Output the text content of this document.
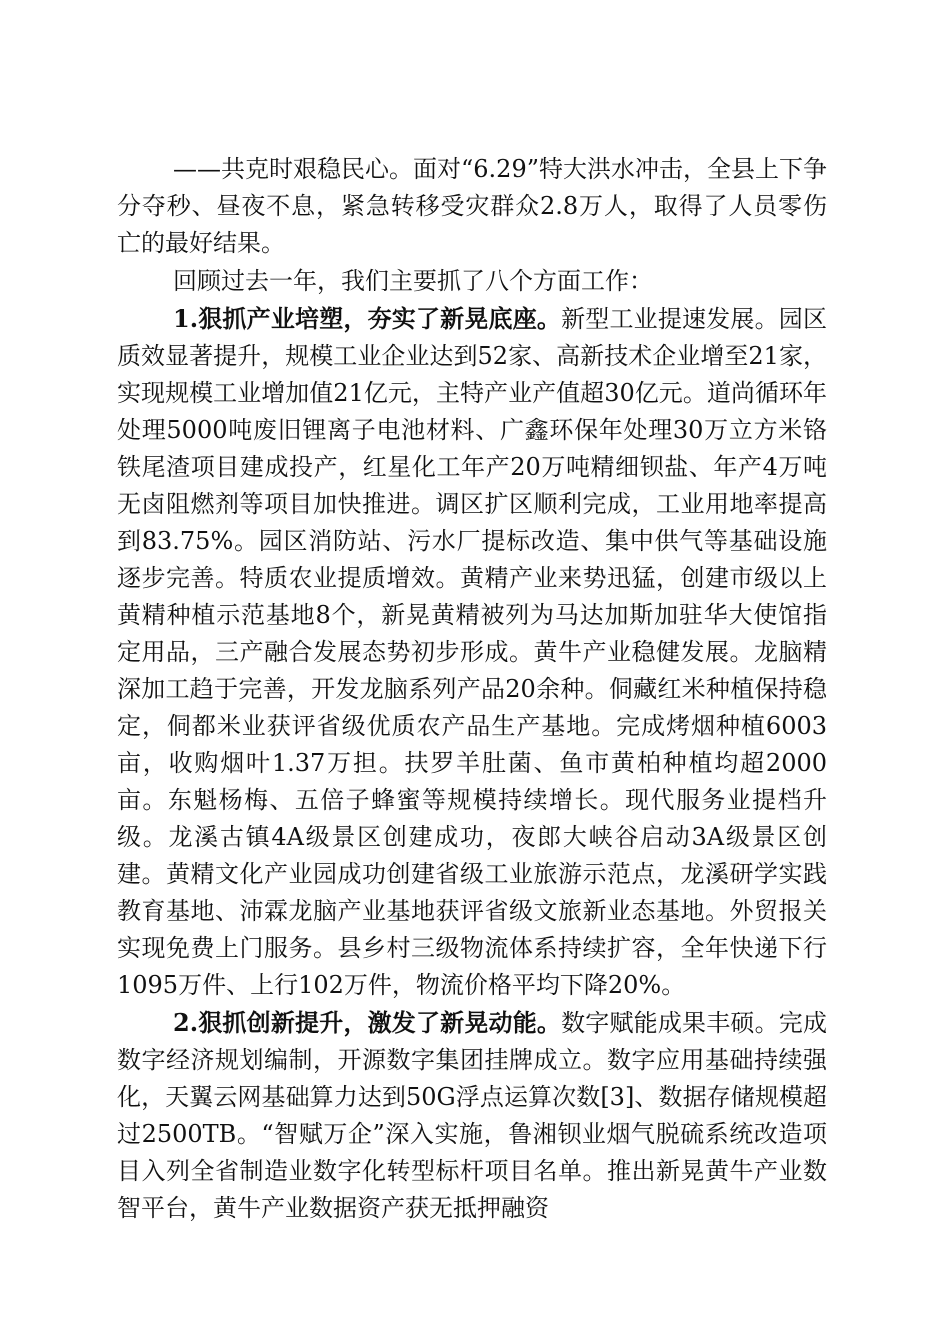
——共克时艰稳民心。面对“6.29”特大洪水冲击，全县上下争分夺秒、昼夜不息，紧急转移受灾群众2.8万人，取得了人员零伤亡的最好结果。

回顾过去一年，我们主要抓了八个方面工作：

1.狠抓产业培塑，夯实了新晃底座。新型工业提速发展。园区质效显著提升，规模工业企业达到52家、高新技术企业增至21家，实现规模工业增加值21亿元，主特产业产值超30亿元。道尚循环年处理5000吨废旧锂离子电池材料、广鑫环保年处理30万立方米铬铁尾渣项目建成投产，红星化工年产20万吨精细钡盐、年产4万吨无卤阻燃剂等项目加快推进。调区扩区顺利完成，工业用地率提高到83.75%。园区消防站、污水厂提标改造、集中供气等基础设施逐步完善。特质农业提质增效。黄精产业来势迅猛，创建市级以上黄精种植示范基地8个，新晃黄精被列为马达加斯加驻华大使馆指定用品，三产融合发展态势初步形成。黄牛产业稳健发展。龙脑精深加工趋于完善，开发龙脑系列产品20余种。侗藏红米种植保持稳定，侗都米业获评省级优质农产品生产基地。完成烤烟种植6003亩，收购烟叶1.37万担。扶罗羊肚菌、鱼市黄柏种植均超2000亩。东魁杨梅、五倍子蜂蜜等规模持续增长。现代服务业提档升级。龙溪古镇4A级景区创建成功，夜郎大峡谷启动3A级景区创建。黄精文化产业园成功创建省级工业旅游示范点，龙溪研学实践教育基地、沛霖龙脑产业基地获评省级文旅新业态基地。外贸报关实现免费上门服务。县乡村三级物流体系持续扩容，全年快递下行1095万件、上行102万件，物流价格平均下降20%。

2.狠抓创新提升，激发了新晃动能。数字赋能成果丰硕。完成数字经济规划编制，开源数字集团挂牌成立。数字应用基础持续强化，天翼云网基础算力达到50G浮点运算次数[3]、数据存储规模超过2500TB。“智赋万企”深入实施，鲁湘钡业烟气脱硫系统改造项目入列全省制造业数字化转型标杆项目名单。推出新晃黄牛产业数智平台，黄牛产业数据资产获无抵押融资
